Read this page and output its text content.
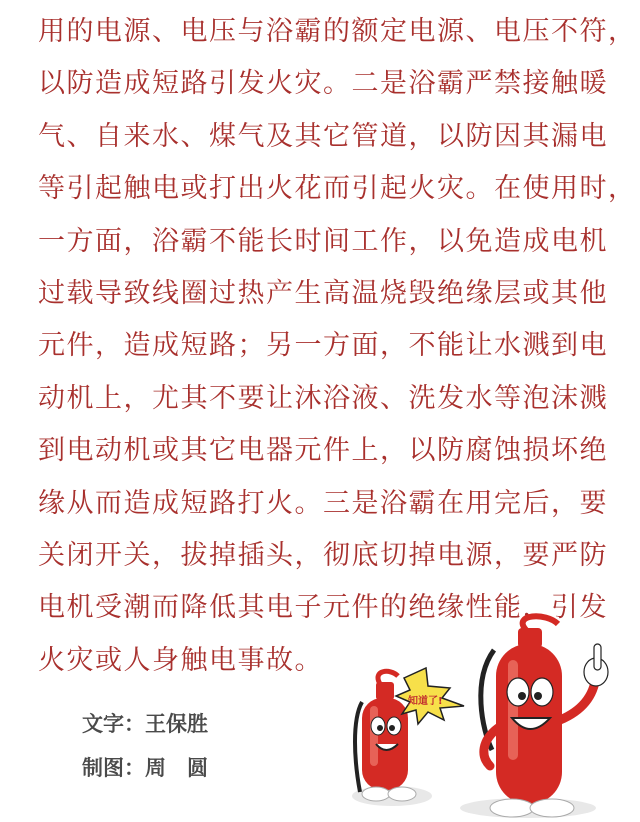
用的电源、电压与浴霸的额定电源、电压不符，
以防造成短路引发火灾。二是浴霸严禁接触暖
气、自来水、煤气及其它管道，以防因其漏电
等引起触电或打出火花而引起火灾。在使用时，
一方面，浴霸不能长时间工作，以免造成电机
过载导致线圈过热产生高温烧毁绝缘层或其他
元件，造成短路；另一方面，不能让水溅到电
动机上，尤其不要让沐浴液、洗发水等泡沫溅
到电动机或其它电器元件上，以防腐蚀损坏绝
缘从而造成短路打火。三是浴霸在用完后，要
关闭开关，拔掉插头，彻底切掉电源，要严防
电机受潮而降低其电子元件的绝缘性能，引发
火灾或人身触电事故。
文字：王保胜
制图：周　圆
知道了!
